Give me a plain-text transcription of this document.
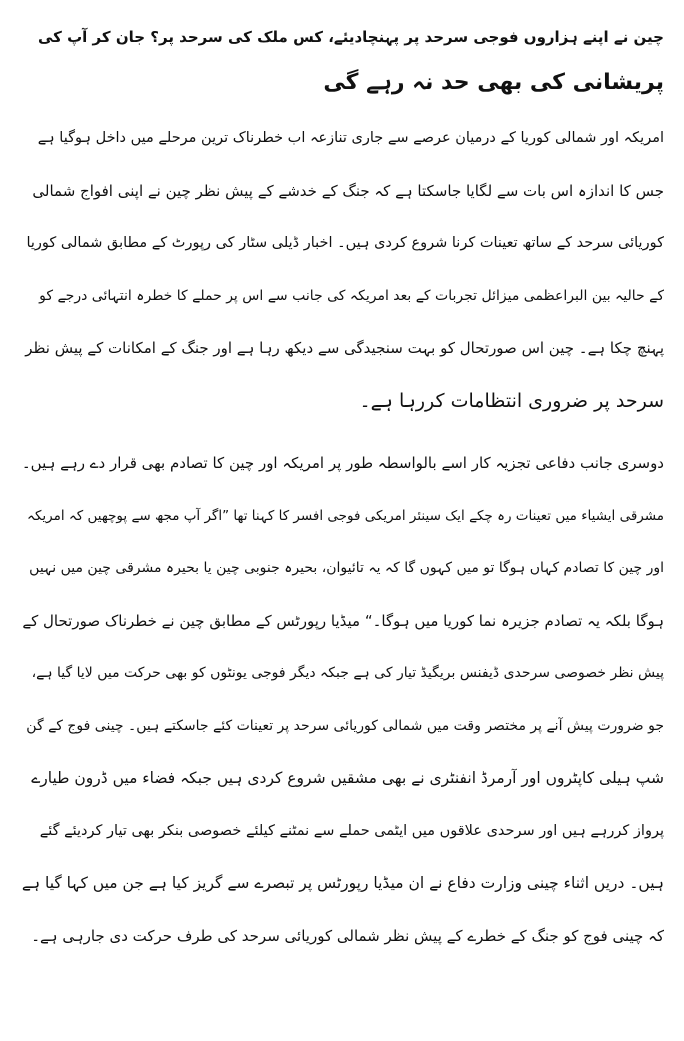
چین نے اپنے ہزاروں فوجی سرحد پر پہنچادیئے، کس ملک کی سرحد پر؟ جان کر آپ کی
پریشانی کی بھی حد نہ رہے گی
امریکہ اور شمالی کوریا کے درمیان عرصے سے جاری تنازعہ اب خطرناک ترین مرحلے میں داخل ہوگیا ہے
جس کا اندازہ اس بات سے لگایا جاسکتا ہے کہ جنگ کے خدشے کے پیش نظر چین نے اپنی افواج شمالی
کوریائی سرحد کے ساتھ تعینات کرنا شروع کردی ہیں۔ اخبار ڈیلی سٹار کی رپورٹ کے مطابق شمالی کوریا
کے حالیہ بین البراعظمی میزائل تجربات کے بعد امریکہ کی جانب سے اس پر حملے کا خطرہ انتہائی درجے کو
پہنچ چکا ہے۔ چین اس صورتحال کو بہت سنجیدگی سے دیکھ رہا ہے اور جنگ کے امکانات کے پیش نظر
سرحد پر ضروری انتظامات کررہا ہے۔
دوسری جانب دفاعی تجزیہ کار اسے بالواسطہ طور پر امریکہ اور چین کا تصادم بھی قرار دے رہے ہیں۔
مشرقی ایشیاء میں تعینات رہ چکے ایک سینئر امریکی فوجی افسر کا کہنا تھا ”اگر آپ مجھ سے پوچھیں کہ امریکہ
اور چین کا تصادم کہاں ہوگا تو میں کہوں گا کہ یہ تائیوان، بحیرہ جنوبی چین یا بحیرہ مشرقی چین میں نہیں
ہوگا بلکہ یہ تصادم جزیرہ نما کوریا میں ہوگا۔“ میڈیا رپورٹس کے مطابق چین نے خطرناک صورتحال کے
پیش نظر خصوصی سرحدی ڈیفنس بریگیڈ تیار کی ہے جبکہ دیگر فوجی یونٹوں کو بھی حرکت میں لایا گیا ہے،
جو ضرورت پیش آنے پر مختصر وقت میں شمالی کوریائی سرحد پر تعینات کئے جاسکتے ہیں۔ چینی فوج کے گن
شپ ہیلی کاپٹروں اور آرمرڈ انفنٹری نے بھی مشقیں شروع کردی ہیں جبکہ فضاء میں ڈرون طیارے
پرواز کررہے ہیں اور سرحدی علاقوں میں ایٹمی حملے سے نمٹنے کیلئے خصوصی بنکر بھی تیار کردیئے گئے
ہیں۔ دریں اثناء چینی وزارت دفاع نے ان میڈیا رپورٹس پر تبصرے سے گریز کیا ہے جن میں کہا گیا ہے
کہ چینی فوج کو جنگ کے خطرے کے پیش نظر شمالی کوریائی سرحد کی طرف حرکت دی جارہی ہے۔
